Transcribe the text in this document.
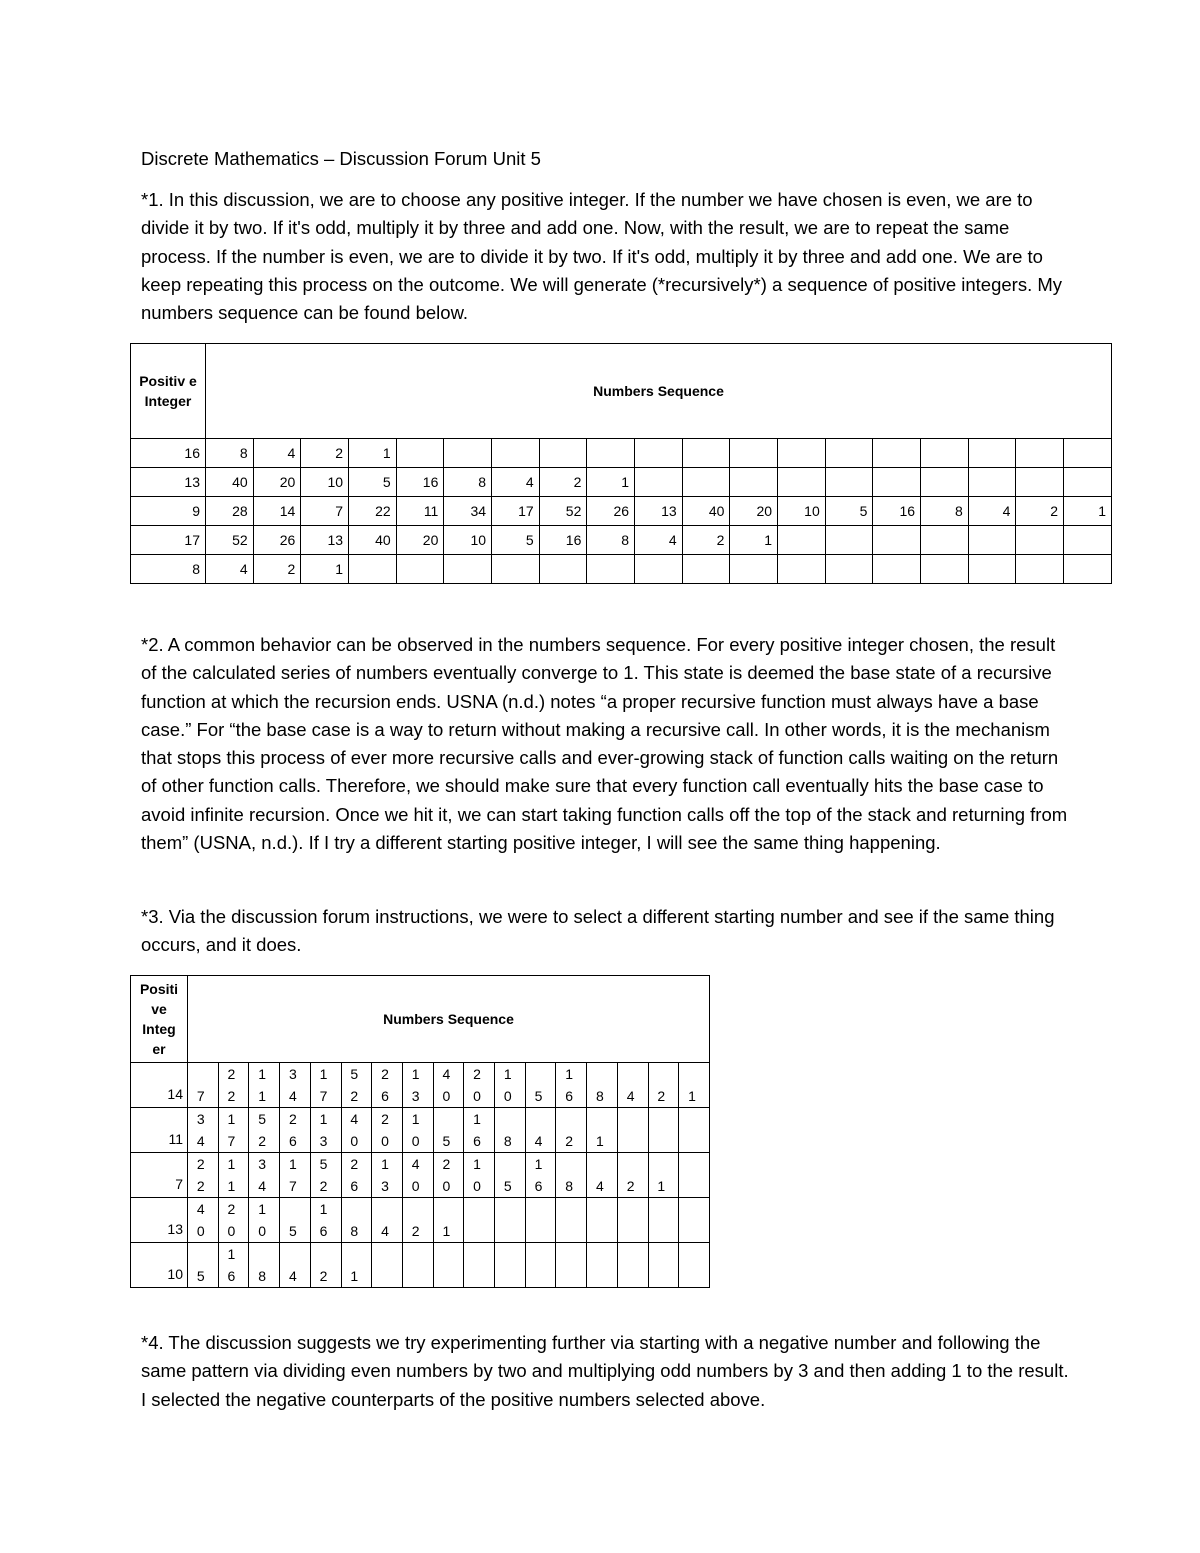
Discrete Mathematics – Discussion Forum Unit 5

*1. In this discussion, we are to choose any positive integer. If the number we have chosen is even, we are to divide it by two. If it's odd, multiply it by three and add one. Now, with the result, we are to repeat the same process. If the number is even, we are to divide it by two. If it's odd, multiply it by three and add one. We are to keep repeating this process on the outcome. We will generate (*recursively*) a sequence of positive integers. My numbers sequence can be found below.

Positiv e Integer	Numbers Sequence																		
16	8	4	2	1															
13	40	20	10	5	16	8	4	2	1										
9	28	14	7	22	11	34	17	52	26	13	40	20	10	5	16	8	4	2	1
17	52	26	13	40	20	10	5	16	8	4	2	1							
8	4	2	1																

*2. A common behavior can be observed in the numbers sequence. For every positive integer chosen, the result of the calculated series of numbers eventually converge to 1. This state is deemed the base state of a recursive function at which the recursion ends. USNA (n.d.) notes “a proper recursive function must always have a base case.” For “the base case is a way to return without making a recursive call. In other words, it is the mechanism that stops this process of ever more recursive calls and ever-growing stack of function calls waiting on the return of other function calls. Therefore, we should make sure that every function call eventually hits the base case to avoid infinite recursion. Once we hit it, we can start taking function calls off the top of the stack and returning from them” (USNA, n.d.). If I try a different starting positive integer, I will see the same thing happening.

*3. Via the discussion forum instructions, we were to select a different starting number and see if the same thing occurs, and it does.

Positi ve Integ er	Numbers Sequence																
14	7	22	11	34	17	52	26	13	40	20	10	5	16	8	4	2	1
11	34	17	52	26	13	40	20	10	5	16	8	4	2	1			
7	22	11	34	17	52	26	13	40	20	10	5	16	8	4	2	1	
13	40	20	10	5	16	8	4	2	1								
10	5	16	8	4	2	1											

*4. The discussion suggests we try experimenting further via starting with a negative number and following the same pattern via dividing even numbers by two and multiplying odd numbers by 3 and then adding 1 to the result. I selected the negative counterparts of the positive numbers selected above.
